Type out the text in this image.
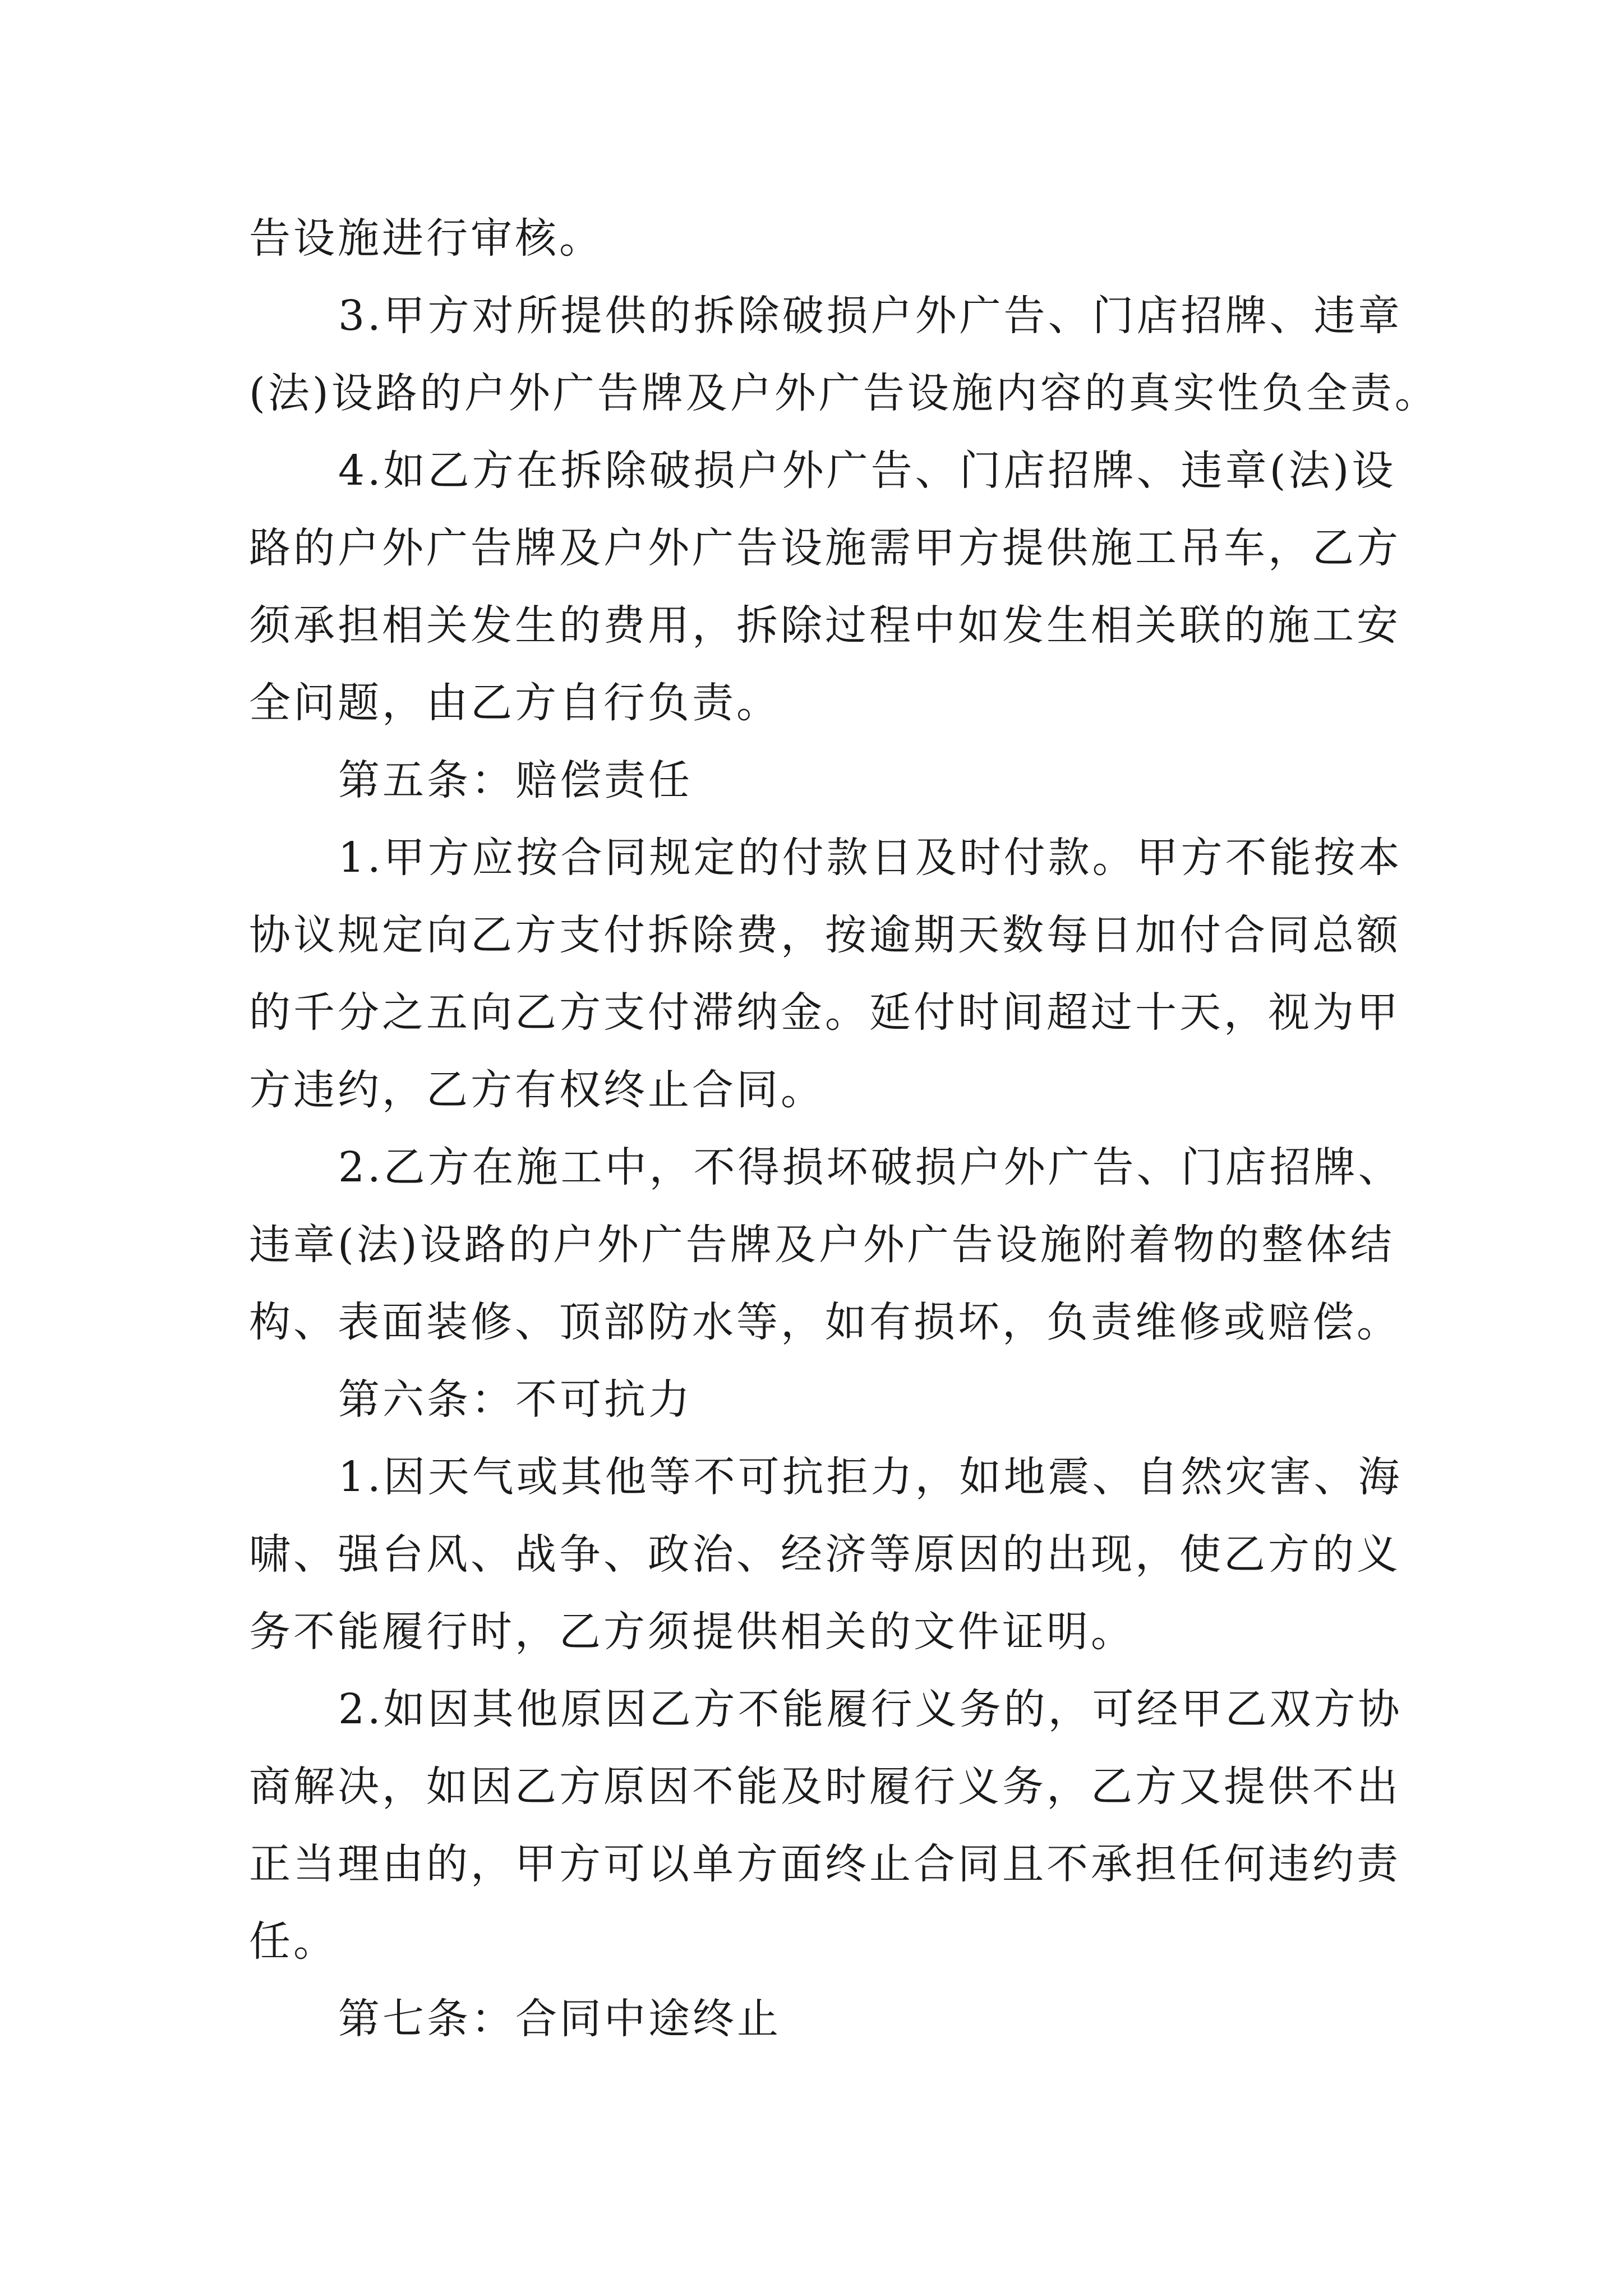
告设施进行审核。

3.甲方对所提供的拆除破损户外广告、门店招牌、违章

(法)设路的户外广告牌及户外广告设施内容的真实性负全责。

4.如乙方在拆除破损户外广告、门店招牌、违章(法)设

路的户外广告牌及户外广告设施需甲方提供施工吊车，乙方

须承担相关发生的费用，拆除过程中如发生相关联的施工安

全问题，由乙方自行负责。

第五条：赔偿责任

1.甲方应按合同规定的付款日及时付款。甲方不能按本

协议规定向乙方支付拆除费，按逾期天数每日加付合同总额

的千分之五向乙方支付滞纳金。延付时间超过十天，视为甲

方违约，乙方有权终止合同。

2.乙方在施工中，不得损坏破损户外广告、门店招牌、

违章(法)设路的户外广告牌及户外广告设施附着物的整体结

构、表面装修、顶部防水等，如有损坏，负责维修或赔偿。

第六条：不可抗力

1.因天气或其他等不可抗拒力，如地震、自然灾害、海

啸、强台风、战争、政治、经济等原因的出现，使乙方的义

务不能履行时，乙方须提供相关的文件证明。

2.如因其他原因乙方不能履行义务的，可经甲乙双方协

商解决，如因乙方原因不能及时履行义务，乙方又提供不出

正当理由的，甲方可以单方面终止合同且不承担任何违约责

任。

第七条：合同中途终止
